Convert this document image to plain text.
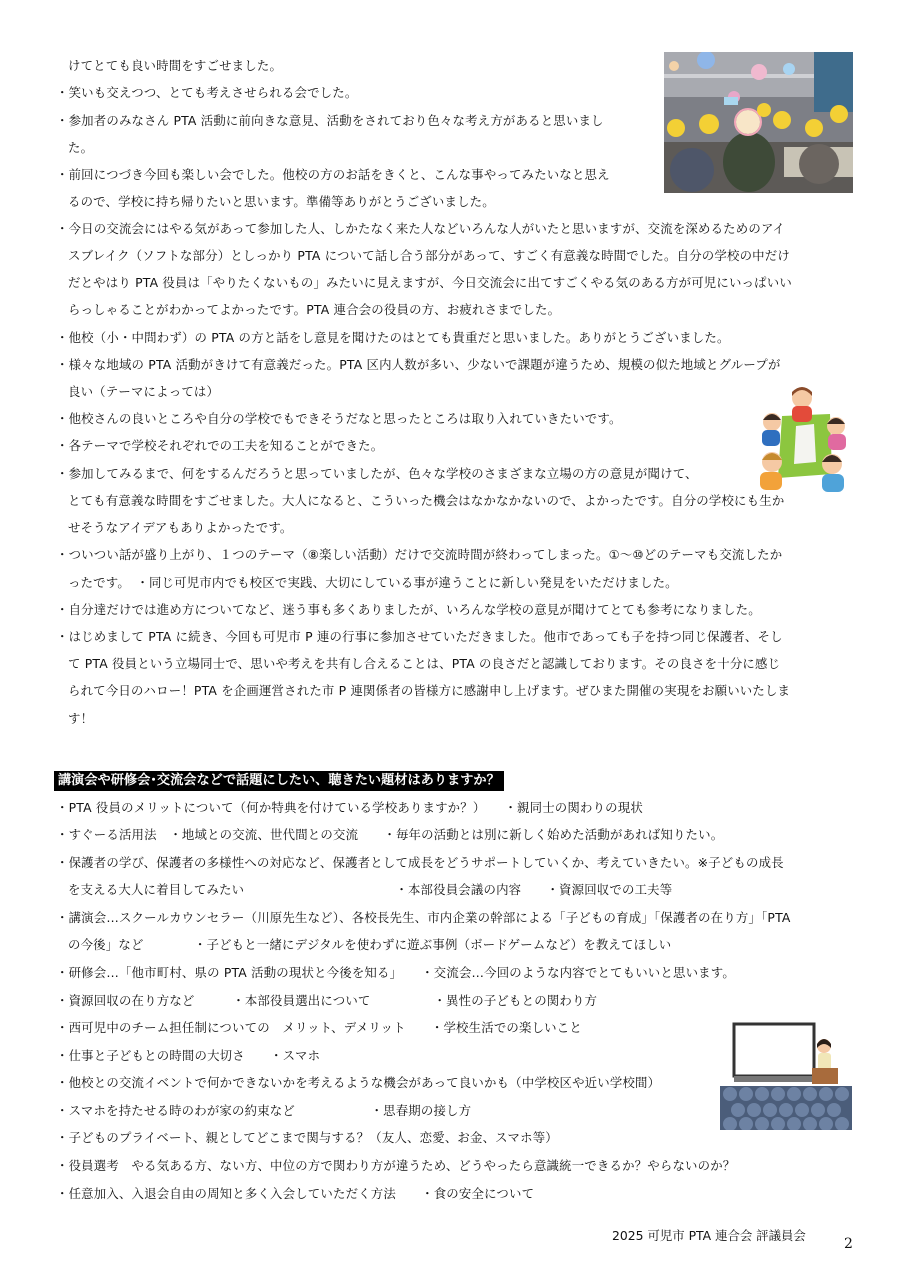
けてとても良い時間をすごせました。
・笑いも交えつつ、とても考えさせられる会でした。
・参加者のみなさん PTA 活動に前向きな意見、活動をされており色々な考え方があると思いまし
た。
・前回につづき今回も楽しい会でした。他校の方のお話をきくと、こんな事やってみたいなと思え
るので、学校に持ち帰りたいと思います。準備等ありがとうございました。
・今日の交流会にはやる気があって参加した人、しかたなく来た人などいろんな人がいたと思いますが、交流を深めるためのアイ
スブレイク（ソフトな部分）としっかり PTA について話し合う部分があって、すごく有意義な時間でした。自分の学校の中だけ
だとやはり PTA 役員は「やりたくないもの」みたいに見えますが、今日交流会に出てすごくやる気のある方が可児にいっぱいい
らっしゃることがわかってよかったです。PTA 連合会の役員の方、お疲れさまでした。
・他校（小・中問わず）の PTA の方と話をし意見を聞けたのはとても貴重だと思いました。ありがとうございました。
・様々な地域の PTA 活動がきけて有意義だった。PTA 区内人数が多い、少ないで課題が違うため、規模の似た地域とグループが
良い（テーマによっては）
・他校さんの良いところや自分の学校でもできそうだなと思ったところは取り入れていきたいです。
・各テーマで学校それぞれでの工夫を知ることができた。
・参加してみるまで、何をするんだろうと思っていましたが、色々な学校のさまざまな立場の方の意見が聞けて、
とても有意義な時間をすごせました。大人になると、こういった機会はなかなかないので、よかったです。自分の学校にも生か
せそうなアイデアもありよかったです。
・ついつい話が盛り上がり、１つのテーマ（⑧楽しい活動）だけで交流時間が終わってしまった。①～⑩どのテーマも交流したか
ったです。　・同じ可児市内でも校区で実践、大切にしている事が違うことに新しい発見をいただけました。
・自分達だけでは進め方についてなど、迷う事も多くありましたが、いろんな学校の意見が聞けてとても参考になりました。
・はじめまして PTA に続き、今回も可児市 P 連の行事に参加させていただきました。他市であっても子を持つ同じ保護者、そし
て PTA 役員という立場同士で、思いや考えを共有し合えることは、PTA の良さだと認識しております。その良さを十分に感じ
られて今日のハロー！PTA を企画運営された市 P 連関係者の皆様方に感謝申し上げます。ぜひまた開催の実現をお願いいたしま
す！
講演会や研修会･交流会などで話題にしたい、聴きたい題材はありますか？
・PTA 役員のメリットについて（何か特典を付けている学校ありますか？）　　・親同士の関わりの現状
・すぐーる活用法　・地域との交流、世代間との交流　　・毎年の活動とは別に新しく始めた活動があれば知りたい。
・保護者の学び、保護者の多様性への対応など、保護者として成長をどうサポートしていくか、考えていきたい。※子どもの成長
を支える大人に着目してみたい　　　　　　　　　　　　・本部役員会議の内容　　・資源回収での工夫等
・講演会…スクールカウンセラー（川原先生など）、各校長先生、市内企業の幹部による「子どもの育成」「保護者の在り方」「PTA
の今後」など　　　　・子どもと一緒にデジタルを使わずに遊ぶ事例（ボードゲームなど）を教えてほしい
・研修会…「他市町村、県の PTA 活動の現状と今後を知る」　　・交流会…今回のような内容でとてもいいと思います。
・資源回収の在り方など　　　・本部役員選出について　　　　　・異性の子どもとの関わり方
・西可児中のチーム担任制についての　メリット、デメリット　　・学校生活での楽しいこと
・仕事と子どもとの時間の大切さ　　・スマホ
・他校との交流イベントで何かできないかを考えるような機会があって良いかも（中学校区や近い学校間）
・スマホを持たせる時のわが家の約束など　　　　　　・思春期の接し方
・子どものプライベート、親としてどこまで関与する？（友人、恋愛、お金、スマホ等）
・役員選考　やる気ある方、ない方、中位の方で関わり方が違うため、どうやったら意識統一できるか？やらないのか？
・任意加入、入退会自由の周知と多く入会していただく方法　　・食の安全について
2025 可児市 PTA 連合会 評議員会
2
